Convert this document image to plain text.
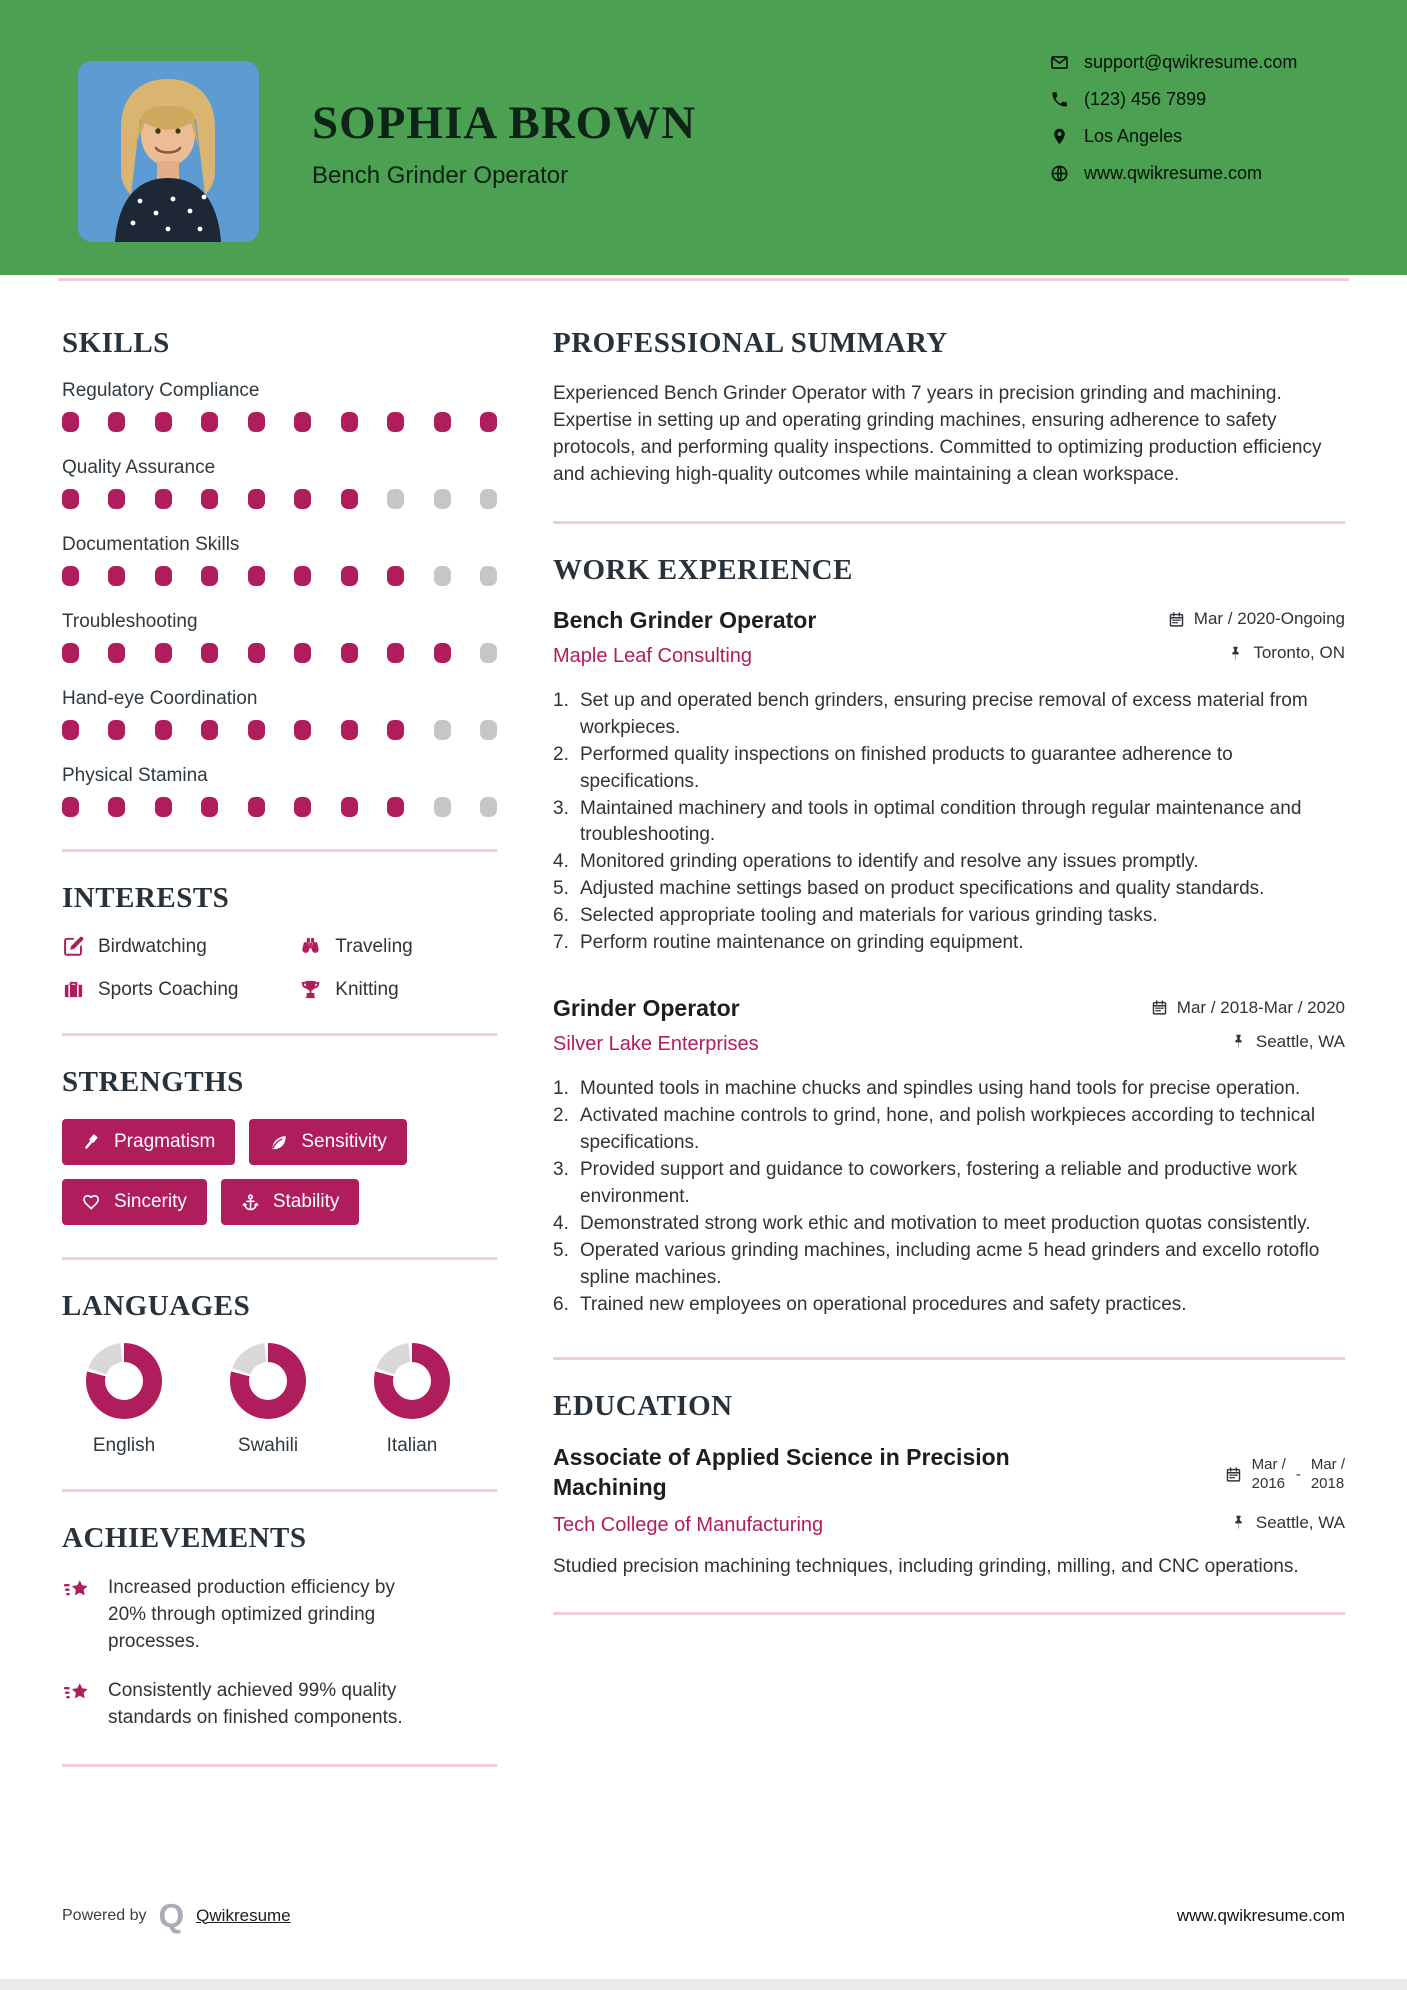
SOPHIA BROWN
Bench Grinder Operator
support@qwikresume.com
(123) 456 7899
Los Angeles
www.qwikresume.com
SKILLS
Regulatory Compliance
Quality Assurance
Documentation Skills
Troubleshooting
Hand-eye Coordination
Physical Stamina
INTERESTS
Birdwatching	Traveling
Sports Coaching	Knitting
STRENGTHS
Pragmatism	Sensitivity
Sincerity	Stability
LANGUAGES
English	Swahili	Italian
ACHIEVEMENTS
Increased production efficiency by 20% through optimized grinding processes.
Consistently achieved 99% quality standards on finished components.
PROFESSIONAL SUMMARY

Experienced Bench Grinder Operator with 7 years in precision grinding and machining. Expertise in setting up and operating grinding machines, ensuring adherence to safety protocols, and performing quality inspections. Committed to optimizing production efficiency and achieving high-quality outcomes while maintaining a clean workspace.

WORK EXPERIENCE
Bench Grinder Operator	Mar / 2020-Ongoing
Maple Leaf Consulting	Toronto, ON
Set up and operated bench grinders, ensuring precise removal of excess material from workpieces.
Performed quality inspections on finished products to guarantee adherence to specifications.
Maintained machinery and tools in optimal condition through regular maintenance and troubleshooting.
Monitored grinding operations to identify and resolve any issues promptly.
Adjusted machine settings based on product specifications and quality standards.
Selected appropriate tooling and materials for various grinding tasks.
Perform routine maintenance on grinding equipment.
Grinder Operator	Mar / 2018-Mar / 2020
Silver Lake Enterprises	Seattle, WA
Mounted tools in machine chucks and spindles using hand tools for precise operation.
Activated machine controls to grind, hone, and polish workpieces according to technical specifications.
Provided support and guidance to coworkers, fostering a reliable and productive work environment.
Demonstrated strong work ethic and motivation to meet production quotas consistently.
Operated various grinding machines, including acme 5 head grinders and excello rotoflo spline machines.
Trained new employees on operational procedures and safety practices.
EDUCATION
Associate of Applied Science in Precision Machining
Mar /
2016 -
Mar /
2018
Tech College of Manufacturing	Seattle, WA

Studied precision machining techniques, including grinding, milling, and CNC operations.

Powered by Q Qwikresume	www.qwikresume.com
